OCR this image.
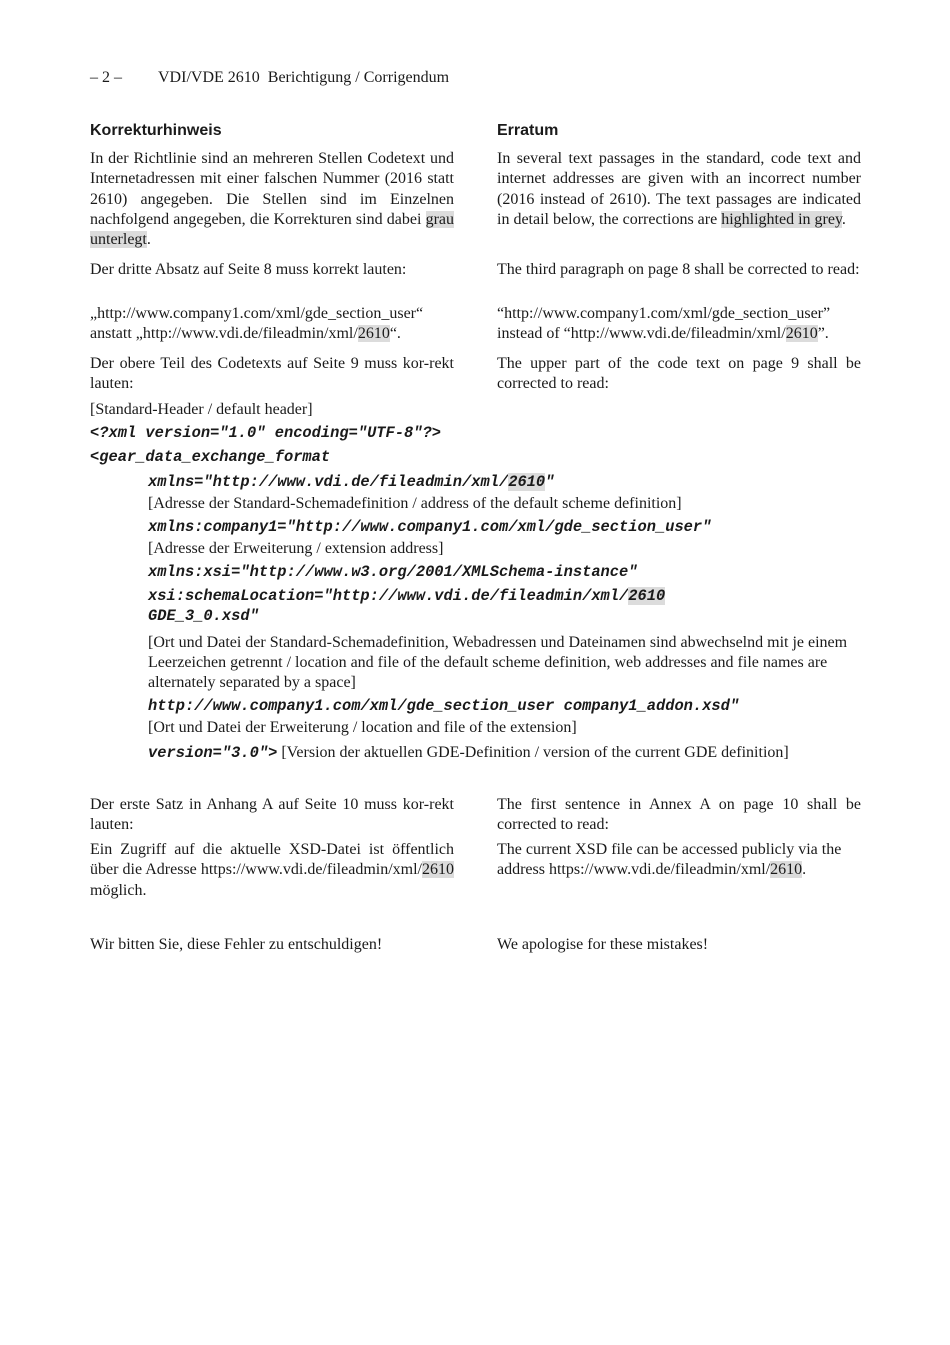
– 2 – VDI/VDE 2610  Berichtigung / Corrigendum
Korrekturhinweis
In der Richtlinie sind an mehreren Stellen Codetext und Internetadressen mit einer falschen Nummer (2016 statt 2610) angegeben. Die Stellen sind im Einzelnen nachfolgend angegeben, die Korrekturen sind dabei grau unterlegt.
Der dritte Absatz auf Seite 8 muss korrekt lauten:
„http://www.company1.com/xml/gde_section_user“ anstatt „http://www.vdi.de/fileadmin/xml/2610“.
Der obere Teil des Codetexts auf Seite 9 muss kor-rekt lauten:
Erratum
In several text passages in the standard, code text and internet addresses are given with an incorrect number (2016 instead of 2610). The text passages are indicated in detail below, the corrections are highlighted in grey.
The third paragraph on page 8 shall be corrected to read:
“http://www.company1.com/xml/gde_section_user” instead of “http://www.vdi.de/fileadmin/xml/2610”.
The upper part of the code text on page 9 shall be corrected to read:
[Standard-Header / default header]
<?xml version="1.0" encoding="UTF-8"?>
<gear_data_exchange_format
xmlns="http://www.vdi.de/fileadmin/xml/2610"
[Adresse der Standard-Schemadefinition / address of the default scheme definition]
xmlns:company1="http://www.company1.com/xml/gde_section_user"
[Adresse der Erweiterung / extension address]
xmlns:xsi="http://www.w3.org/2001/XMLSchema-instance"
xsi:schemaLocation="http://www.vdi.de/fileadmin/xml/2610
GDE_3_0.xsd"
[Ort und Datei der Standard-Schemadefinition, Webadressen und Dateinamen sind abwechselnd mit je einem Leerzeichen getrennt / location and file of the default scheme definition, web addresses and file names are alternately separated by a space]
http://www.company1.com/xml/gde_section_user company1_addon.xsd"
[Ort und Datei der Erweiterung / location and file of the extension]
version="3.0"> [Version der aktuellen GDE-Definition / version of the current GDE definition]
Der erste Satz in Anhang A auf Seite 10 muss kor-rekt lauten:
The first sentence in Annex A on page 10 shall be corrected to read:
Ein Zugriff auf die aktuelle XSD-Datei ist öffentlich über die Adresse https://www.vdi.de/fileadmin/xml/2610 möglich.
The current XSD file can be accessed publicly via the address https://www.vdi.de/fileadmin/xml/2610.
Wir bitten Sie, diese Fehler zu entschuldigen!	We apologise for these mistakes!
